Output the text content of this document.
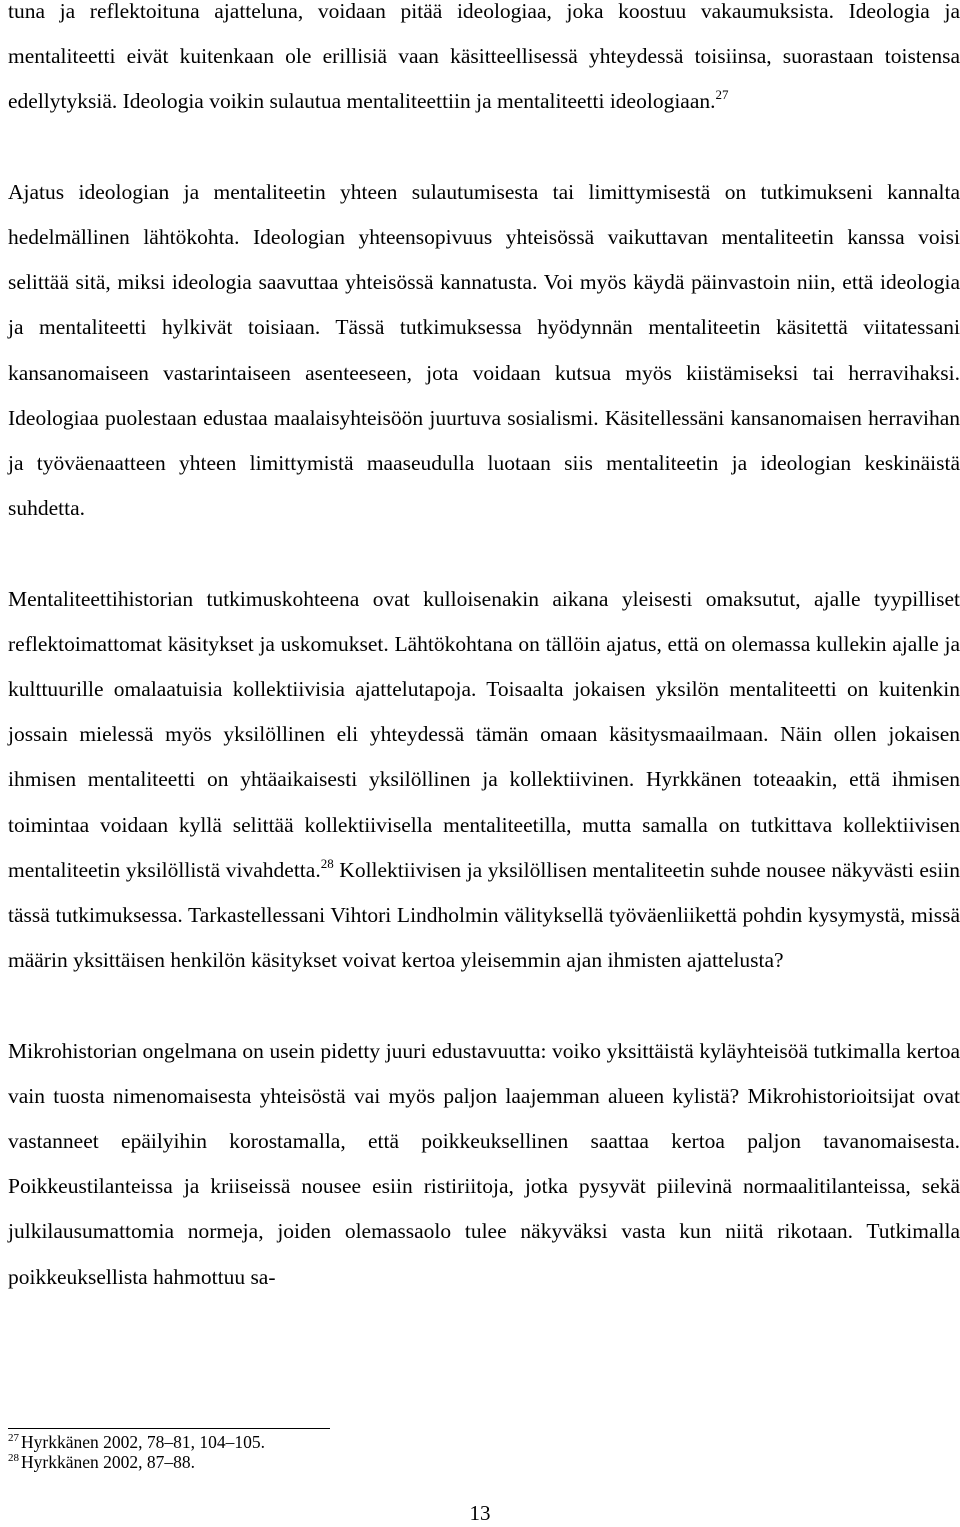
tuna ja reflektoituna ajatteluna, voidaan pitää ideologiaa, joka koostuu vakaumuksista. Ideologia ja mentaliteetti eivät kuitenkaan ole erillisiä vaan käsitteellisessä yhteydessä toisiinsa, suorastaan toistensa edellytyksiä. Ideologia voikin sulautua mentaliteettiin ja mentaliteetti ideologiaan.$^{27}$

Ajatus ideologian ja mentaliteetin yhteen sulautumisesta tai limittymisestä on tutkimukseni kannalta hedelmällinen lähtökohta. Ideologian yhteensopivuus yhteisössä vaikuttavan mentaliteetin kanssa voisi selittää sitä, miksi ideologia saavuttaa yhteisössä kannatusta. Voi myös käydä päinvastoin niin, että ideologia ja mentaliteetti hylkivät toisiaan. Tässä tutkimuksessa hyödynnän mentaliteetin käsitettä viitatessani kansanomaiseen vastarintaiseen asenteeseen, jota voidaan kutsua myös kiistämiseksi tai herravihaksi. Ideologiaa puolestaan edustaa maalaisyhteisöön juurtuva sosialismi. Käsitellessäni kansanomaisen herravihan ja työväenaatteen yhteen limittymistä maaseudulla luotaan siis mentaliteetin ja ideologian keskinäistä suhdetta.

Mentaliteettihistorian tutkimuskohteena ovat kulloisenakin aikana yleisesti omaksutut, ajalle tyypilliset reflektoimattomat käsitykset ja uskomukset. Lähtökohtana on tällöin ajatus, että on olemassa kullekin ajalle ja kulttuurille omalaatuisia kollektiivisia ajattelutapoja. Toisaalta jokaisen yksilön mentaliteetti on kuitenkin jossain mielessä myös yksilöllinen eli yhteydessä tämän omaan käsitysmaailmaan. Näin ollen jokaisen ihmisen mentaliteetti on yhtäaikaisesti yksilöllinen ja kollektiivinen. Hyrkkänen toteaakin, että ihmisen toimintaa voidaan kyllä selittää kollektiivisella mentaliteetilla, mutta samalla on tutkittava kollektiivisen mentaliteetin yksilöllistä vivahdetta.$^{28}$ Kollektiivisen ja yksilöllisen mentaliteetin suhde nousee näkyvästi esiin tässä tutkimuksessa. Tarkastellessani Vihtori Lindholmin välityksellä työväenliikettä pohdin kysymystä, missä määrin yksittäisen henkilön käsitykset voivat kertoa yleisemmin ajan ihmisten ajattelusta?

Mikrohistorian ongelmana on usein pidetty juuri edustavuutta: voiko yksittäistä kyläyhteisöä tutkimalla kertoa vain tuosta nimenomaisesta yhteisöstä vai myös paljon laajemman alueen kylistä? Mikrohistorioitsijat ovat vastanneet epäilyihin korostamalla, että poikkeuksellinen saattaa kertoa paljon tavanomaisesta. Poikkeustilanteissa ja kriiseissä nousee esiin ristiriitoja, jotka pysyvät piilevinä normaalitilanteissa, sekä julkilausumattomia normeja, joiden olemassaolo tulee näkyväksi vasta kun niitä rikotaan. Tutkimalla poikkeuksellista hahmottuu sa-

$^{27}$ Hyrkkänen 2002, 78–81, 104–105.

$^{28}$ Hyrkkänen 2002, 87–88.

13
